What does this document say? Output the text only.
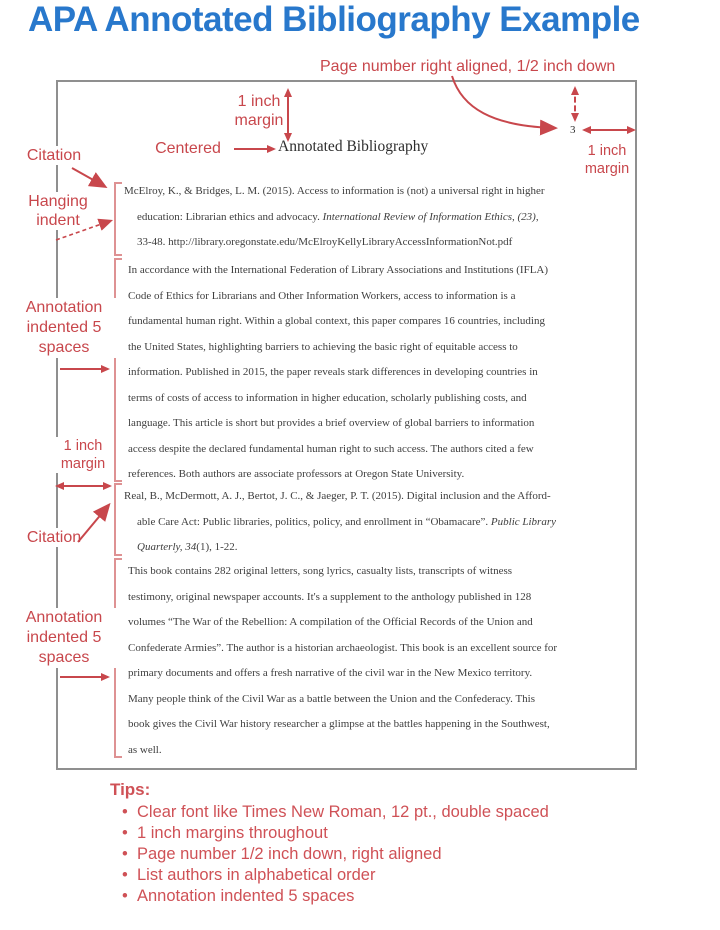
APA Annotated Bibliography Example
Page number right aligned, 1/2 inch down
1 inch margin
Centered	Annotated Bibliography
3
1 inch margin
McElroy, K., & Bridges, L. M. (2015). Access to information is (not) a universal right in higher
education: Librarian ethics and advocacy. International Review of Information Ethics, (23),
33-48. http://library.oregonstate.edu/McElroyKellyLibraryAccessInformationNot.pdf
In accordance with the International Federation of Library Associations and Institutions (IFLA)
Code of Ethics for Librarians and Other Information Workers, access to information is a
fundamental human right. Within a global context, this paper compares 16 countries, including
the United States, highlighting barriers to achieving the basic right of equitable access to
information. Published in 2015, the paper reveals stark differences in developing countries in
terms of costs of access to information in higher education, scholarly publishing costs, and
language. This article is short but provides a brief overview of global barriers to information
access despite the declared fundamental human right to such access. The authors cited a few
references. Both authors are associate professors at Oregon State University.
Real, B., McDermott, A. J., Bertot, J. C., & Jaeger, P. T. (2015). Digital inclusion and the Afford-
able Care Act: Public libraries, politics, policy, and enrollment in “Obamacare”. Public Library
Quarterly, 34(1), 1-22.
This book contains 282 original letters, song lyrics, casualty lists, transcripts of witness
testimony, original newspaper accounts. It's a supplement to the anthology published in 128
volumes “The War of the Rebellion: A compilation of the Official Records of the Union and
Confederate Armies”. The author is a historian archaeologist. This book is an excellent source for
primary documents and offers a fresh narrative of the civil war in the New Mexico territory.
Many people think of the Civil War as a battle between the Union and the Confederacy. This
book gives the Civil War history researcher a glimpse at the battles happening in the Southwest,
as well.
Citation
Hanging indent
Annotation indented 5 spaces
1 inch margin
Citation
Annotation indented 5 spaces
Tips:
• Clear font like Times New Roman, 12 pt., double spaced
• 1 inch margins throughout
• Page number 1/2 inch down, right aligned
• List authors in alphabetical order
• Annotation indented 5 spaces
